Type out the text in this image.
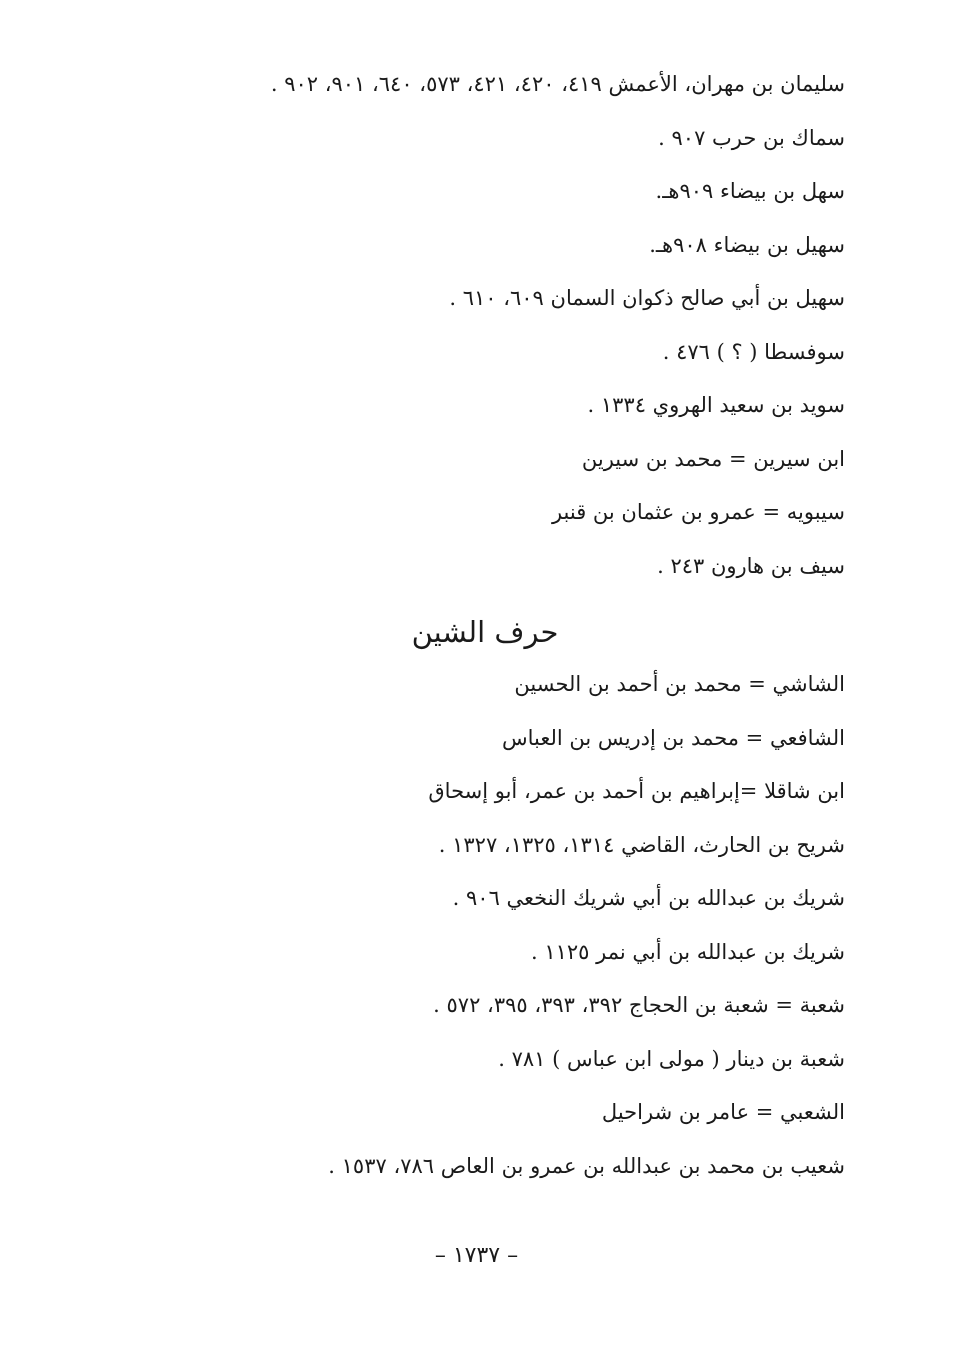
سليمان بن مهران، الأعمش ٤١٩، ٤٢٠، ٤٢١، ٥٧٣، ٦٤٠، ٩٠١، ٩٠٢ .
سماك بن حرب ٩٠٧ .
سهل بن بيضاء ٩٠٩هـ.
سهيل بن بيضاء ٩٠٨هـ.
سهيل بن أبي صالح ذكوان السمان ٦٠٩، ٦١٠ .
سوفسطا ( ؟ ) ٤٧٦ .
سويد بن سعيد الهروي ١٣٣٤ .
ابن سيرين = محمد بن سيرين
سيبويه = عمرو بن عثمان بن قنبر
سيف بن هارون ٢٤٣ .
حرف الشين
الشاشي = محمد بن أحمد بن الحسين
الشافعي = محمد بن إدريس بن العباس
ابن شاقلا =إبراهيم بن أحمد بن عمر، أبو إسحاق
شريح بن الحارث، القاضي ١٣١٤، ١٣٢٥، ١٣٢٧ .
شريك بن عبدالله بن أبي شريك النخعي ٩٠٦ .
شريك بن عبدالله بن أبي نمر ١١٢٥ .
شعبة = شعبة بن الحجاج ٣٩٢، ٣٩٣، ٣٩٥، ٥٧٢ .
شعبة بن دينار ( مولى ابن عباس ) ٧٨١ .
الشعبي = عامر بن شراحيل
شعيب بن محمد بن عبدالله بن عمرو بن العاص ٧٨٦، ١٥٣٧ .
– ١٧٣٧ –
